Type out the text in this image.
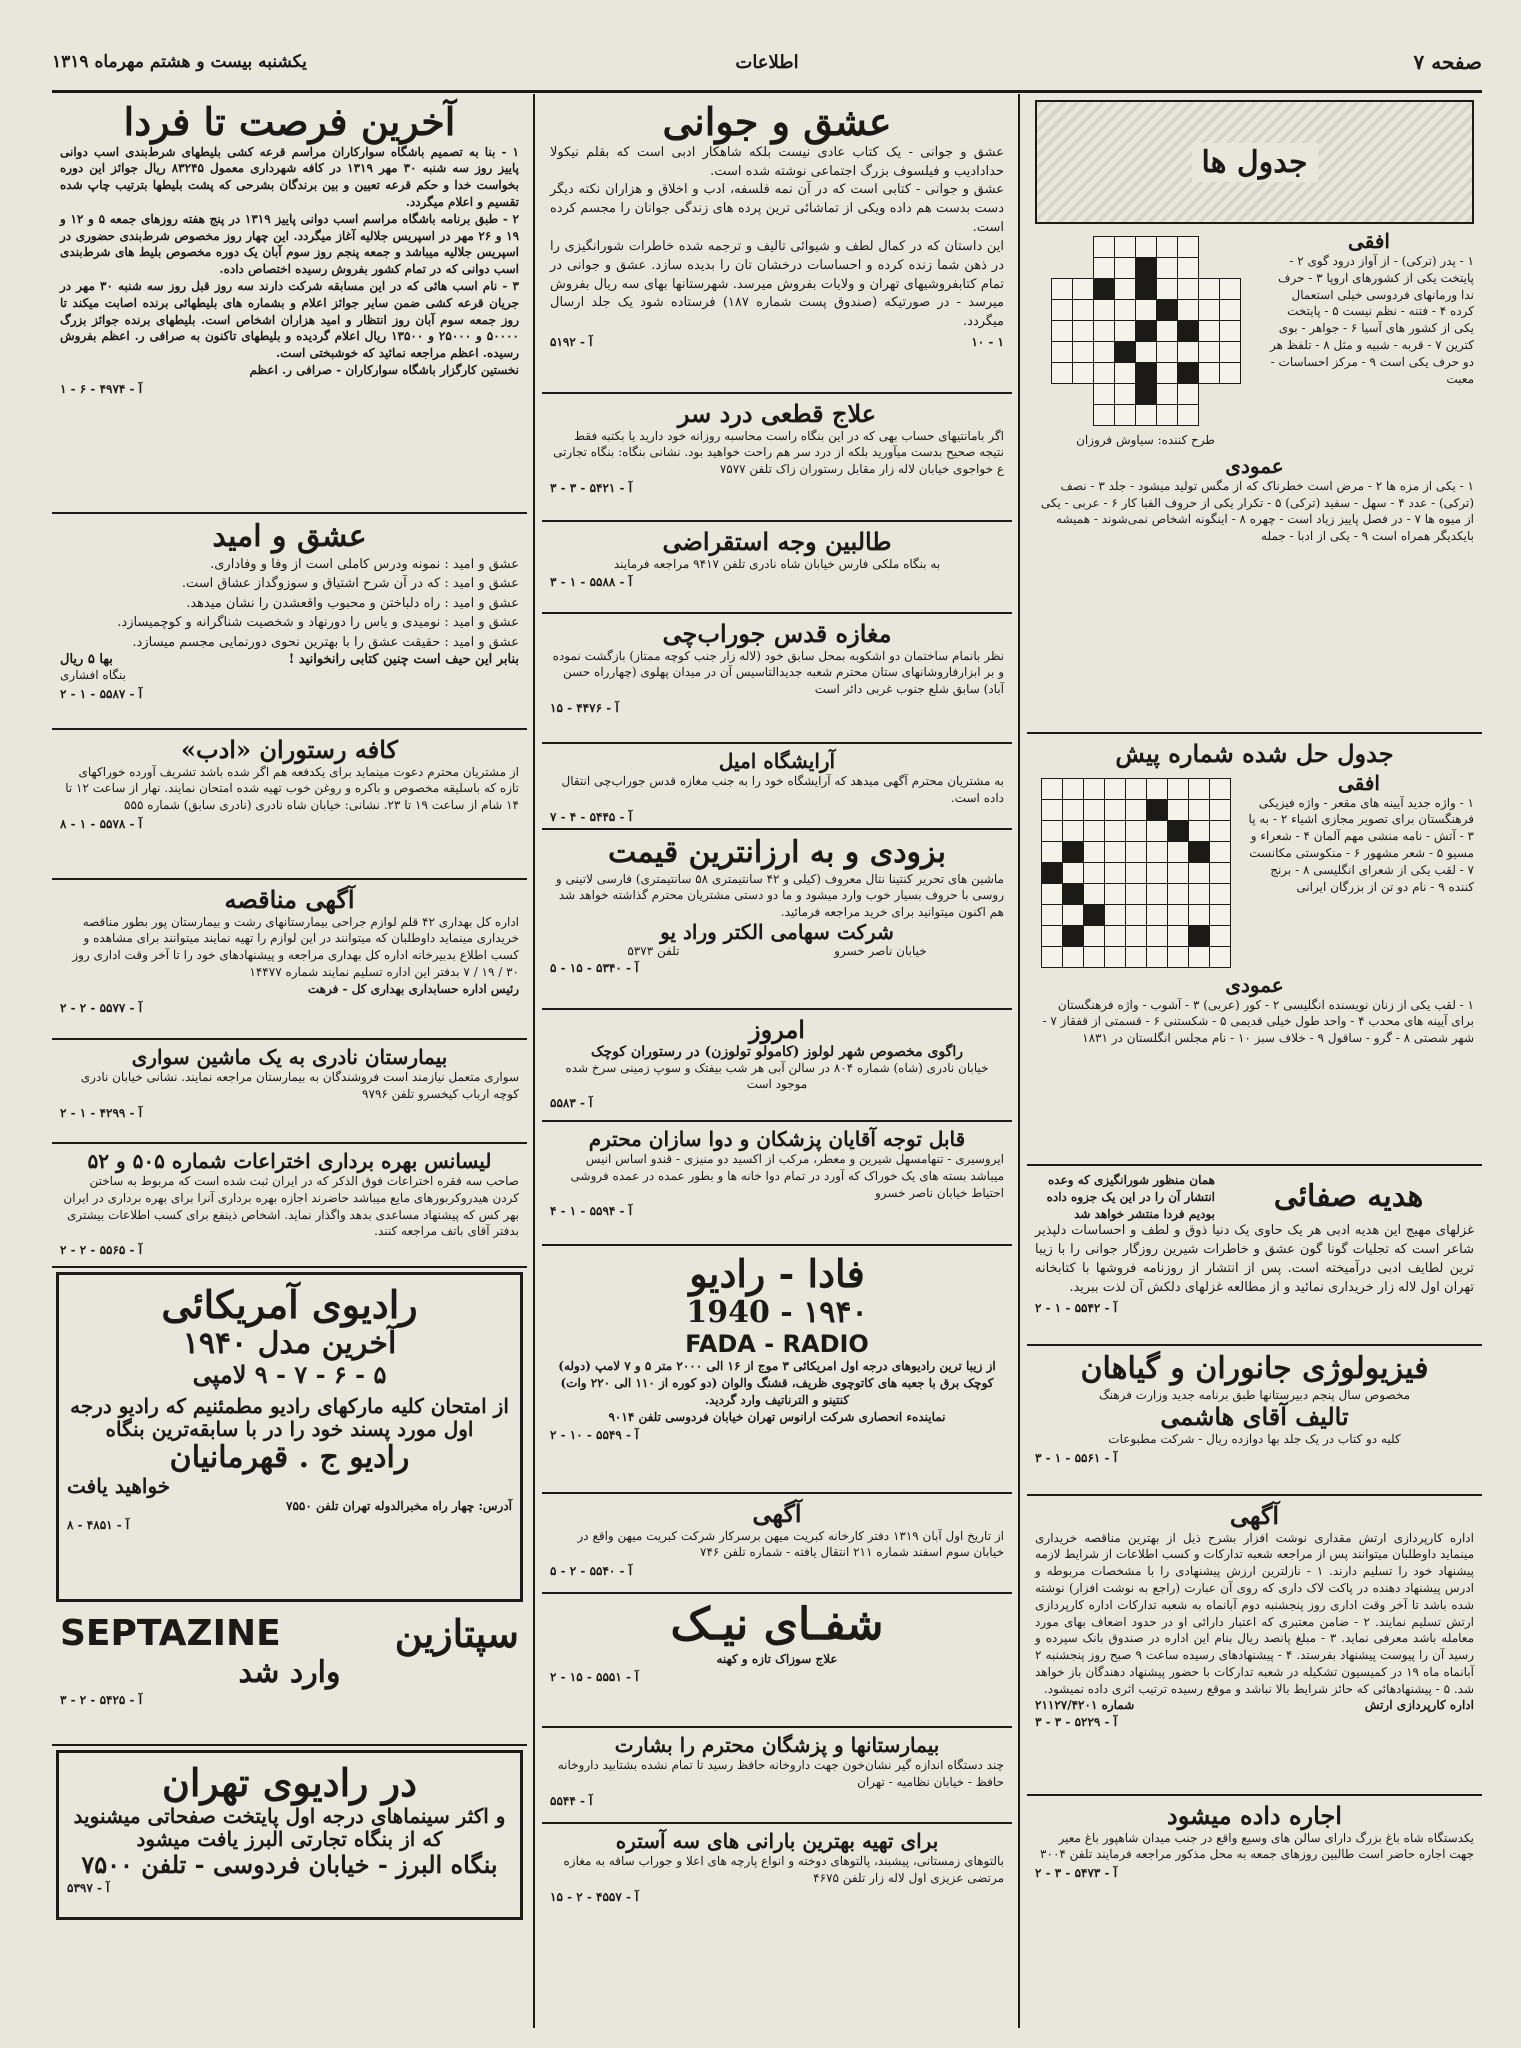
یکشنبه بیست و هشتم مهرماه ۱۳۱۹	اطلاعات	صفحه ۷
جدول ها
افقی
۱ - پدر (ترکی) - از آواز درود گوی ۲ - پایتخت یکی از کشورهای اروپا ۳ - حرف ندا ورمانهای فردوسی خیلی استعمال کرده ۴ - فتنه - نظم نیست ۵ - پایتخت یکی از کشور های آسیا ۶ - جواهر - بوی کترین ۷ - قربه - شبیه و مثل ۸ - تلفظ هر دو حرف یکی است ۹ - مرکز احساسات - معبت

طرح کننده: سیاوش فروزان
عمودی
۱ - یکی از مزه ها ۲ - مرض است خطرناک که از مگس تولید میشود - جلد ۳ - نصف (ترکی) - عدد ۴ - سهل - سفید (ترکی) ۵ - تکرار یکی از حروف الفبا کار ۶ - عربی - یکی از میوه ها ۷ - در فصل پاییز زیاد است - چهره ۸ - اینگونه اشخاص نمی‌شوند - همیشه بایکدیگر همراه است ۹ - یکی از ادبا - جمله
جدول حل شده شماره پیش
افقی
۱ - واژه جدید آیینه های مقعر - واژه فیزیکی فرهنگستان برای تصویر مجازی اشیاء ۲ - به پا ۳ - آتش - نامه منشی مهم آلمان ۴ - شعراء و مسیو ۵ - شعر مشهور ۶ - منکوستی مکانست ۷ - لقب یکی از شعرای انگلیسی ۸ - برنج کننده ۹ - نام دو تن از بزرگان ایرانی

عمودی
۱ - لقب یکی از زنان نویسنده انگلیسی ۲ - کور (عربی) ۳ - آشوب - واژه فرهنگستان برای آیینه های محدب ۴ - واحد طول خیلی قدیمی ۵ - شکستنی ۶ - قسمتی از قفقاز ۷ - شهر شصتی ۸ - گرو - ساقول ۹ - خلاف سبز ۱۰ - نام مجلس انگلستان در ۱۸۳۱
هدیه صفائی
همان منظور شورانگیزی که وعده انتشار آن را در این یک جزوه داده بودیم فردا منتشر خواهد شد
غزلهای مهیج این هدیه ادبی هر یک حاوی یک دنیا ذوق و لطف و احساسات دلپذیر شاعر است که تجلیات گونا گون عشق و خاطرات شیرین روزگار جوانی را با زیبا ترین لطایف ادبی درآمیخته است. پس از انتشار از روزنامه فروشها با کتابخانه تهران اول لاله زار خریداری نمائید و از مطالعه غزلهای دلکش آن لذت ببرید.
آ - ۵۵۴۲ - ۱ - ۲
فیزیولوژی جانوران و گیاهان
مخصوص سال پنجم دبیرستانها طبق برنامه جدید وزارت فرهنگ
تالیف آقای هاشمی
کلیه دو کتاب در یک جلد بها دوازده ریال - شرکت مطبوعات
آ - ۵۵۶۱ - ۱ - ۳
آگهی
اداره کارپردازی ارتش مقداری نوشت افزار بشرح ذیل از بهترین مناقصه خریداری مینماید داوطلبان میتوانند پس از مراجعه شعبه تدارکات و کسب اطلاعات از شرایط لازمه پیشنهاد خود را تسلیم دارند. ۱ - نازلترین ارزش پیشنهادی را با مشخصات مربوطه و ادرس پیشنهاد دهنده در پاکت لاک داری که روی آن عبارت (راجع به نوشت افزار) نوشته شده باشد تا آخر وقت اداری روز پنجشنبه دوم آبانماه به شعبه تدارکات اداره کارپردازی ارتش تسلیم نمایند. ۲ - ضامن معتبری که اعتبار دارائی او در حدود اضعاف بهای مورد معامله باشد معرفی نماید. ۳ - مبلغ پانصد ریال بنام این اداره در صندوق بانک سپرده و رسید آن را پیوست پیشنهاد بفرستد. ۴ - پیشنهادهای رسیده ساعت ۹ صبح روز پنجشنبه ۲ آبانماه ماه ۱۹ در کمیسیون تشکیله در شعبه تدارکات با حضور پیشنهاد دهندگان باز خواهد شد. ۵ - پیشنهادهائی که حائز شرایط بالا نباشد و موقع رسیده ترتیب اثری داده نمیشود.
اداره کارپردازی ارتش
شماره ۲۱۱۲۷/۴۲۰۱
آ - ۵۲۲۹ - ۳ - ۳
اجاره داده میشود
یکدستگاه شاه باغ بزرگ دارای سالن های وسیع واقع در جنب میدان شاهپور باغ معیر جهت اجاره حاضر است طالبین روزهای جمعه به محل مذکور مراجعه فرمایند تلفن ۳۰۰۴
آ - ۵۴۷۳ - ۳ - ۲
عشق و جوانی
عشق و جوانی - یک کتاب عادی نیست بلکه شاهکار ادبی است که بقلم نیکولا حدادادیب و فیلسوف بزرگ اجتماعی نوشته شده است.
عشق و جوانی - کتابی است که در آن نمه فلسفه، ادب و اخلاق و هزاران نکته دیگر دست بدست هم داده ویکی از تماشائی ترین پرده های زندگی جوانان را مجسم کرده است.
این داستان که در کمال لطف و شیوائی تالیف و ترجمه شده خاطرات شورانگیزی را در ذهن شما زنده کرده و احساسات درخشان تان را بدیده سازد. عشق و جوانی در تمام کتابفروشیهای تهران و ولایات بفروش میرسد. شهرستانها بهای سه ریال بفروش میرسد - در صورتیکه (صندوق پست شماره ۱۸۷) فرستاده شود یک جلد ارسال میگردد.
آ - ۵۱۹۲	۱۰ - ۱
علاج قطعی درد سر
اگر بامانتیهای حساب بهی که در این بنگاه راست محاسبه روزانه خود دارید یا بکتبه فقط نتیجه صحیح بدست میآورید بلکه از درد سر هم راحت خواهید بود. نشانی بنگاه: بنگاه تجارتی ع خواجوی خیابان لاله زار مقابل رستوران زاک تلفن ۷۵۷۷
آ - ۵۴۲۱ - ۳ - ۳
طالبین وجه استقراضی
به بنگاه ملکی فارس خیابان شاه نادری تلفن ۹۴۱۷ مراجعه فرمایند
آ - ۵۵۸۸ - ۱ - ۳
مغازه قدس جوراب‌چی
نظر بانمام ساختمان دو اشکوبه بمحل سابق خود (لاله زار جنب کوچه ممتاز) بازگشت نموده و بر ابزارفاروشانهای ستان محترم شعبه جدیدالتاسیس آن در میدان پهلوی (چهارراه حسن آباد) سابق شلع جنوب غربی دائر است
آ - ۴۴۷۶ - ۱۵
آرایشگاه امیل
به مشتریان محترم آگهی میدهد که آرایشگاه خود را به جنب مغازه قدس جوراب‌چی انتقال داده است.
آ - ۵۴۴۵ - ۴ - ۷
بزودی و به ارزانترین قیمت
ماشین های تحریر کنتینا نتال معروف (کیلی و ۴۲ سانتیمتری ۵۸ سانتیمتری) فارسی لاتینی و روسی با حروف بسیار خوب وارد میشود و ما دو دستی مشتریان محترم گذاشته خواهد شد هم اکنون میتوانید برای خرید مراجعه فرمائید.
شرکت سهامی الکتر وراد یو
خیابان ناصر خسرو
تلفن ۵۳۷۳
آ - ۵۳۴۰ - ۱۵ - ۵
امروز
راگوی مخصوص شهر لولوز (کامولو تولوزن) در رستوران کوچک
خیابان نادری (شاه) شماره ۸۰۴ در سالن آبی هر شب بیفتک و سوپ زمینی سرخ شده موجود است
آ - ۵۵۸۳
قابل توجه آقایان پزشکان و دوا سازان محترم
ایروسیری - تنهامسهل شیرین و معطر، مرکب از اکسید دو منیزی - قندو اساس انیس میباشد بسته های یک خوراک که آورد در تمام دوا خانه ها و بطور عمده در عمده فروشی احتیاط خیابان ناصر خسرو
آ - ۵۵۹۴ - ۱ - ۴
فادا - رادیو
۱۹۴۰ - 1940
FADA - RADIO
از زیبا ترین رادیوهای درجه اول امریکائی ۳ موج از ۱۶ الی ۲۰۰۰ متر ۵ و ۷ لامپ (دوله) کوچک برق با جعبه های کاتوچوی ظریف، قشنگ والوان (دو کوره از ۱۱۰ الی ۲۲۰ وات) کنتینو و الترناتیف وارد گردید.
نمایندهء انحصاری شرکت ارانوس تهران خیابان فردوسی تلفن ۹۰۱۴
آ - ۵۵۴۹ - ۱۰ - ۲
آگهی
از تاریخ اول آبان ۱۳۱۹ دفتر کارخانه کبریت میهن برسرکار شرکت کبریت میهن واقع در خیابان سوم اسفند شماره ۲۱۱ انتقال یافته - شماره تلفن ۷۴۶
آ - ۵۵۴۰ - ۲ - ۵
شفـای نیـک
علاج سوزاک تازه و کهنه
آ - ۵۵۵۱ - ۱۵ - ۲
بیمارستانها و پزشگان محترم را بشارت
چند دستگاه اندازه گیر نشان‌خون جهت داروخانه حافظ رسید تا تمام نشده بشتابید داروخانه حافظ - خیابان نظامیه - تهران
آ - ۵۵۴۴
برای تهیه بهترین بارانی های سه آستره
بالتوهای زمستانی، پیشبند، پالتوهای دوخته و انواع پارچه های اعلا و جوراب ساقه به مغازه مرتضی عزیزی اول لاله زار تلفن ۴۶۷۵
آ - ۴۵۵۷ - ۲ - ۱۵
آخرین فرصت تا فردا
۱ - بنا به تصمیم باشگاه سوارکاران مراسم قرعه کشی بلیطهای شرط‌بندی اسب دوانی پاییز روز سه شنبه ۳۰ مهر ۱۳۱۹ در کافه شهرداری معمول ۸۳۲۴۵ ریال جوائز این دوره بخواست خدا و حکم قرعه تعیین و بین برندگان بشرحی که پشت بلیطها بترتیب چاپ شده تقسیم و اعلام میگردد.
۲ - طبق برنامه باشگاه مراسم اسب دوانی پاییز ۱۳۱۹ در پنج هفته روزهای جمعه ۵ و ۱۲ و ۱۹ و ۲۶ مهر در اسپریس جلالیه آغاز میگردد. این چهار روز مخصوص شرط‌بندی حضوری در اسپریس جلالیه میباشد و جمعه پنجم روز سوم آبان یک دوره مخصوص بلیط های شرط‌بندی اسب دوانی که در تمام کشور بفروش رسیده اختصاص داده.
۳ - نام اسب هائی که در این مسابقه شرکت دارند سه روز قبل روز سه شنبه ۳۰ مهر در جریان قرعه کشی ضمن سایر جوائز اعلام و بشماره های بلیطهائی برنده اصابت میکند تا روز جمعه سوم آبان روز انتظار و امید هزاران اشخاص است. بلیطهای برنده جوائز بزرگ ۵۰۰۰۰ و ۲۵۰۰۰ و ۱۳۵۰۰ ریال اعلام گردیده و بلیطهای تاکنون به صرافی ر. اعظم بفروش رسیده. اعظم مراجعه نمائید که خوشبختی است.
نخستین کارگزار باشگاه سوارکاران - صرافی ر. اعظم
آ - ۴۹۷۴ - ۶ - ۱
عشق و امید
عشق و امید : نمونه ودرس کاملی است از وفا و وفاداری.
عشق و امید : که در آن شرح اشتیاق و سوزوگداز عشاق است.
عشق و امید : راه دلباختن و محبوب واقعشدن را نشان میدهد.
عشق و امید : نومیدی و یاس را دورنهاد و شخصیت شناگرانه و کوچمیسازد.
عشق و امید : حقیقت عشق را با بهترین نحوی دورنمایی مجسم میسازد.
بنابر این حیف است چنین کتابی رانخوانید !
بها ۵ ریال
بنگاه افشاری
آ - ۵۵۸۷ - ۱ - ۲
کافه رستوران «ادب»
از مشتریان محترم دعوت مینماید برای یکدفعه هم اگر شده باشد تشریف آورده خوراکهای تازه که باسلیقه مخصوص و باکره و روغن خوب تهیه شده امتحان نمایند. نهار از ساعت ۱۲ تا ۱۴ شام از ساعت ۱۹ تا ۲۳. نشانی: خیابان شاه نادری (نادری سابق) شماره ۵۵۵
آ - ۵۵۷۸ - ۱ - ۸
آگهی مناقصه
اداره کل بهداری ۴۲ قلم لوازم جراحی بیمارستانهای رشت و بیمارستان پور بطور مناقصه خریداری مینماید داوطلبان که میتوانند در این لوازم را تهیه نمایند میتوانند برای مشاهده و کسب اطلاع بدبیرخانه اداره کل بهداری مراجعه و پیشنهادهای خود را تا آخر وقت اداری روز ۳۰ / ۱۹ / ۷ بدفتر این اداره تسلیم نمایند شماره ۱۴۴۷۷
رئیس اداره حسابداری بهداری کل - فرهت
آ - ۵۵۷۷ - ۲ - ۲
بیمارستان نادری به یک ماشین سواری
سواری متعمل نیازمند است فروشندگان به بیمارستان مراجعه نمایند. نشانی خیابان نادری کوچه ارباب کیخسرو تلفن ۹۷۹۶
آ - ۴۲۹۹ - ۱ - ۲
لیسانس بهره برداری اختراعات شماره ۵۰۵ و ۵۲
صاحب سه فقره اختراعات فوق الذکر که در ایران ثبت شده است که مربوط به ساختن کردن هیدروکربورهای مایع میباشد حاضرند اجازه بهره برداری آنرا برای بهره برداری در ایران بهر کس که پیشنهاد مساعدی بدهد واگذار نماید. اشخاص ذینفع برای کسب اطلاعات بیشتری بدفتر آقای باتف مراجعه کنند.
آ - ۵۵۶۵ - ۲ - ۲
رادیوی آمریکائی
آخرین مدل ۱۹۴۰
۵ - ۶ - ۷ - ۹ لامپی
از امتحان کلیه مارکهای رادیو مطمئنیم که رادیو درجه اول مورد پسند خود را در با سابقه‌ترین بنگاه
رادیو ج . قهرمانیان
خواهید یافت
آدرس: چهار راه مخبرالدوله تهران تلفن ۷۵۵۰
آ - ۴۸۵۱ - ۸
سپتازین
SEPTAZINE
وارد شد
آ - ۵۴۲۵ - ۲ - ۳
در رادیوی تهران
و اکثر سینماهای درجه اول پایتخت صفحاتی میشنوید که از بنگاه تجارتی البرز یافت میشود
بنگاه البرز - خیابان فردوسی - تلفن ۷۵۰۰
آ - ۵۳۹۷
